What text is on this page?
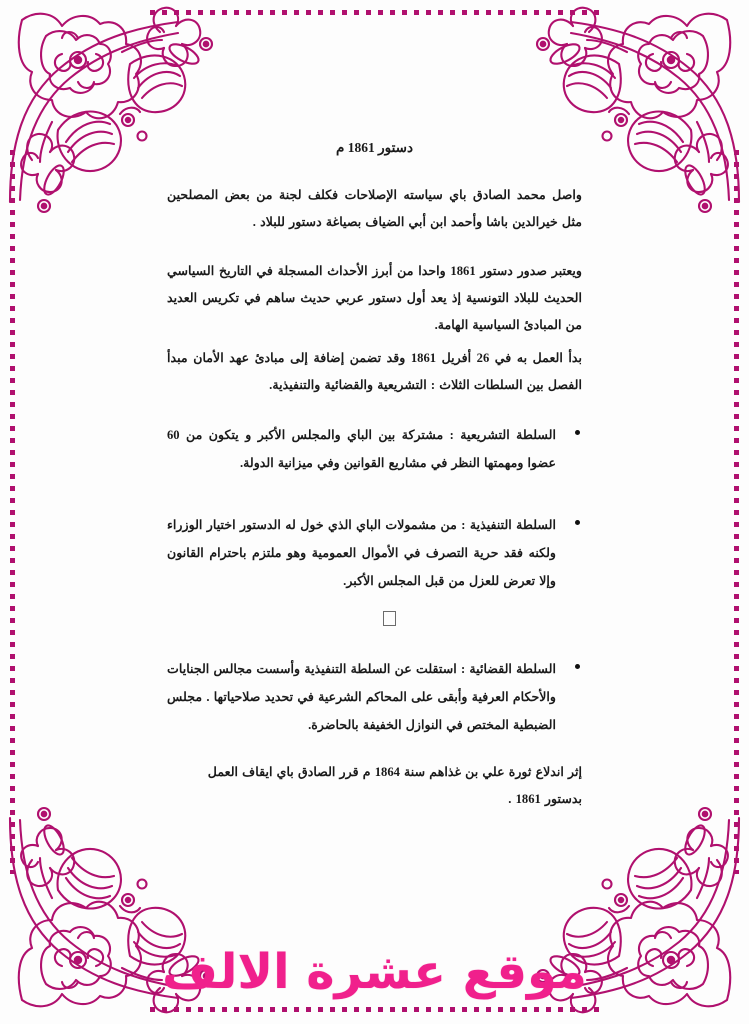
دستور 1861 م

واصل محمد الصادق باي سياسته الإصلاحات فكلف لجنة من بعض المصلحين مثل خيرالدين باشا وأحمد ابن أبي الضياف بصياغة دستور للبلاد .

ويعتبر صدور دستور 1861 واحدا من أبرز الأحداث المسجلة في التاريخ السياسي الحديث للبلاد التونسية إذ يعد أول دستور عربي حديث ساهم في تكريس العديد من المبادئ السياسية الهامة.

بدأ العمل به في 26 أفريل 1861 وقد تضمن إضافة إلى مبادئ عهد الأمان مبدأ الفصل بين السلطات الثلاث : التشريعية والقضائية والتنفيذية.

السلطة التشريعية : مشتركة بين الباي والمجلس الأكبر و يتكون من 60 عضوا ومهمتها النظر في مشاريع القوانين وفي ميزانية الدولة.
السلطة التنفيذية : من مشمولات الباي الذي خول له الدستور اختيار الوزراء ولكنه فقد حرية التصرف في الأموال العمومية وهو ملتزم باحترام القانون وإلا تعرض للعزل من قبل المجلس الأكبر.
السلطة القضائية : استقلت عن السلطة التنفيذية وأسست مجالس الجنايات والأحكام العرفية وأبقى على المحاكم الشرعية في تحديد صلاحياتها . مجلس الضبطية المختص في النوازل الخفيفة بالحاضرة.

إثر اندلاع ثورة علي بن غذاهم سنة 1864 م قرر الصادق باي ايقاف العمل بدستور 1861 .

موقع عشرة الالف
